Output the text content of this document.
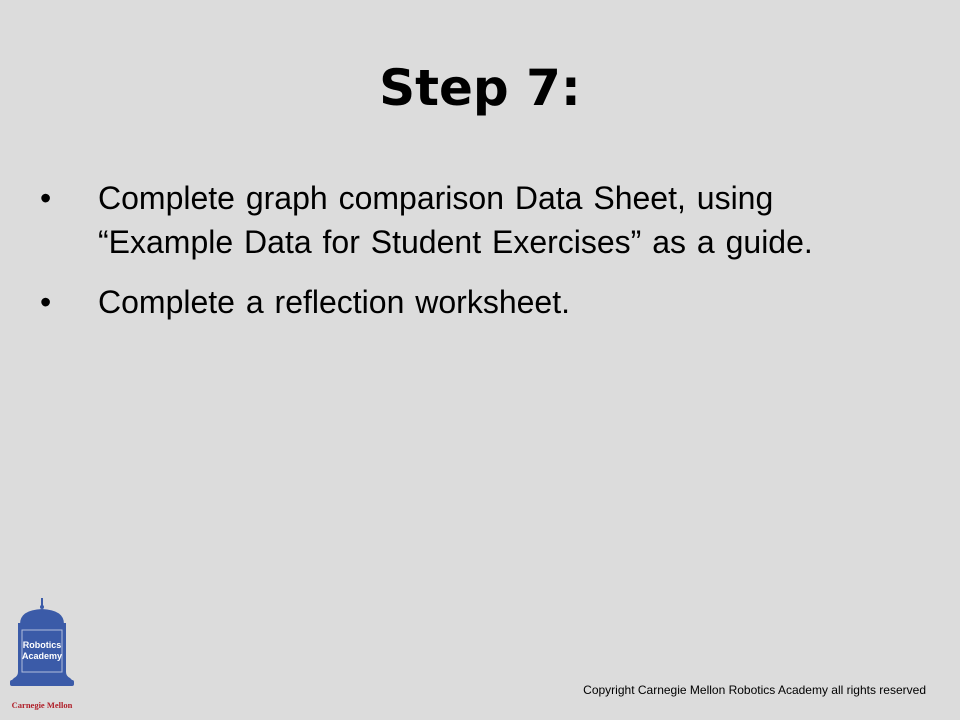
Step 7:
•	Complete graph comparison Data Sheet, using “Example Data for Student Exercises” as a guide.
•	Complete a reflection worksheet.
Robotics
Academy
Carnegie Mellon
Copyright Carnegie Mellon Robotics Academy all rights reserved
